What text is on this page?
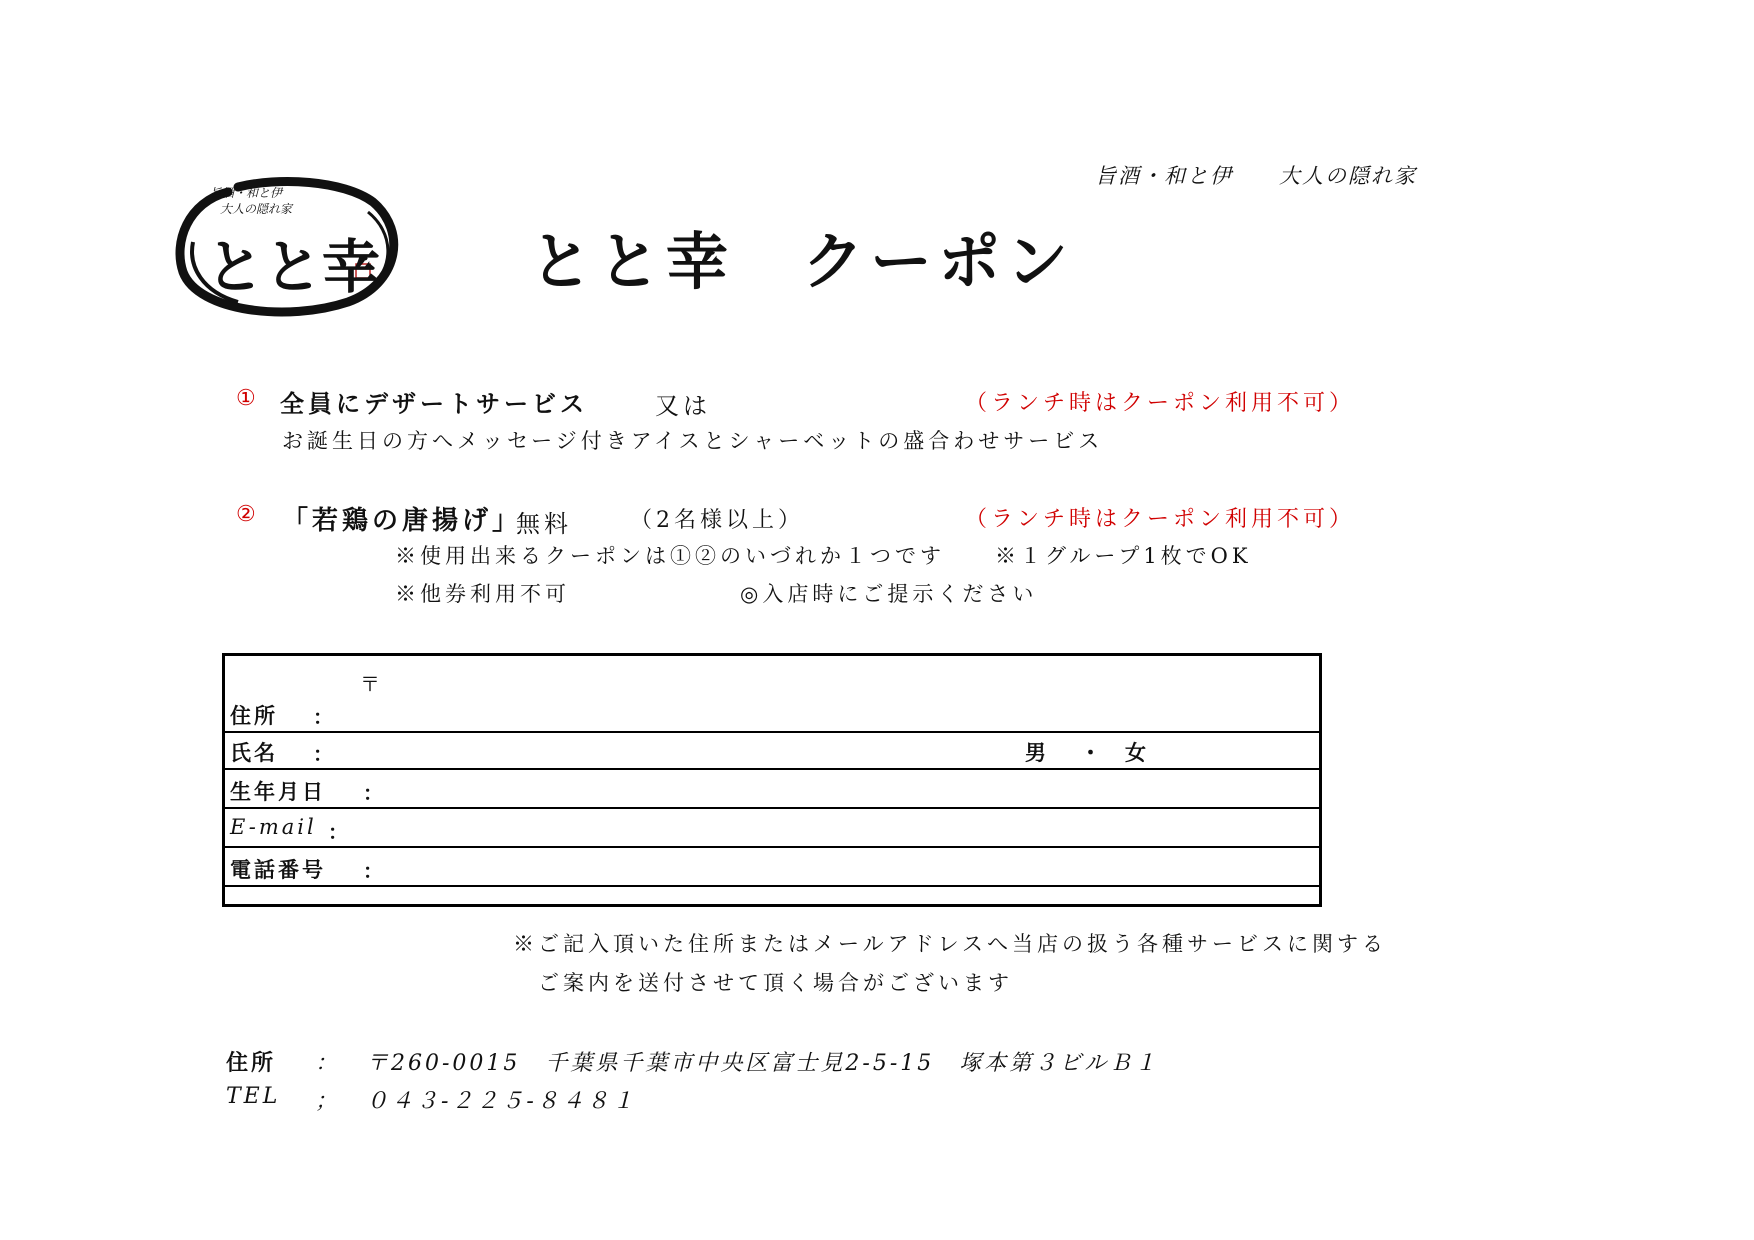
旨酒・和と伊　　大人の隠れ家
旨酒・和と伊
大人の隠れ家
とと幸 とと幸　クーポン
① 全員にデザートサービス	又は	（ランチ時はクーポン利用不可）
お誕生日の方へメッセージ付きアイスとシャーベットの盛合わせサービス
② 「若鶏の唐揚げ」
無料	（2名様以上）	（ランチ時はクーポン利用不可）
※使用出来るクーポンは①②のいづれか１つです ※１グループ1枚でOK
※他券利用不可	◎入店時にご提示ください
〒
住所 ：
氏名 ：	男 ・ 女
生年月日 ：
E-mail ：
電話番号 ：
※ご記入頂いた住所またはメールアドレスへ当店の扱う各種サービスに関する
ご案内を送付させて頂く場合がございます
住所 ： 〒260-0015　千葉県千葉市中央区富士見2-5-15　塚本第３ビルＢ１
TEL ； ０４３-２２５-８４８１
